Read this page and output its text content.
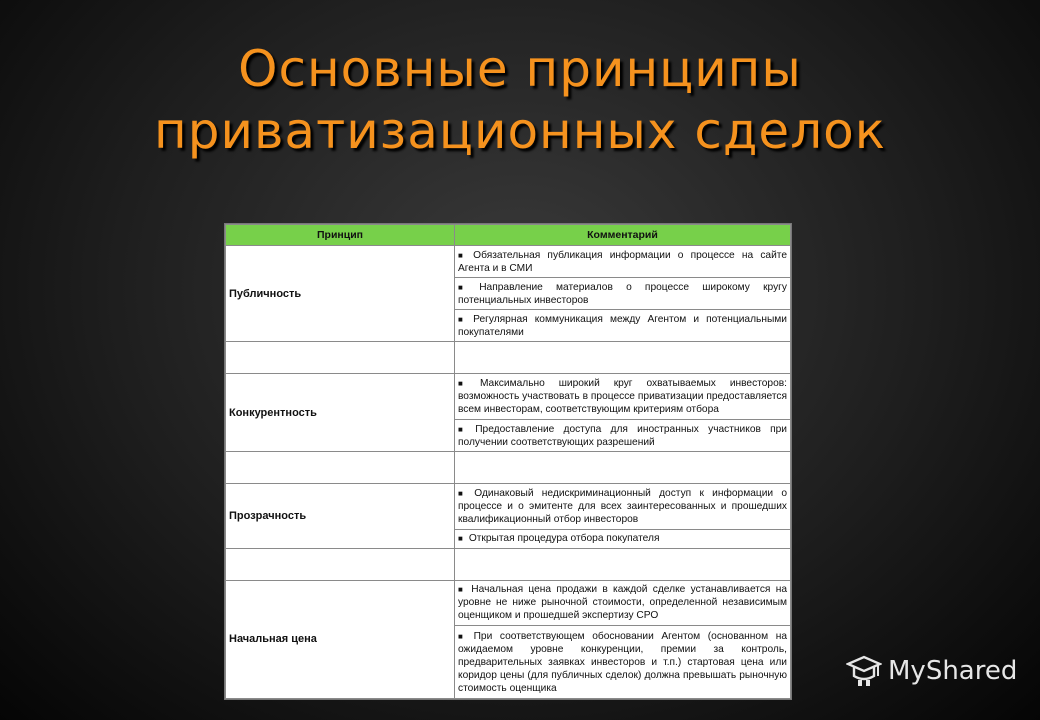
Основные принципы
приватизационных сделок
Принцип	Комментарий
Публичность	■ Обязательная публикация информации о процессе на сайте Агента и в СМИ
	■ Направление материалов о процессе широкому кругу потенциальных инвесторов
	■ Регулярная коммуникация между Агентом и потенциальными покупателями

Конкурентность	■ Максимально широкий круг охватываемых инвесторов: возможность участвовать в процессе приватизации предоставляется всем инвесторам, соответствующим критериям отбора
	■ Предоставление доступа для иностранных участников при получении соответствующих разрешений

Прозрачность	■ Одинаковый недискриминационный доступ к информации о процессе и о эмитенте для всех заинтересованных и прошедших квалификационный отбор инвесторов
	■ Открытая процедура отбора покупателя

Начальная цена	■ Начальная цена продажи в каждой сделке устанавливается на уровне не ниже рыночной стоимости, определенной независимым оценщиком и прошедшей экспертизу СРО
	■ При соответствующем обосновании Агентом (основанном на ожидаемом уровне конкуренции, премии за контроль, предварительных заявках инвесторов и т.п.) стартовая цена или коридор цены (для публичных сделок) должна превышать рыночную стоимость оценщика
MyShared
